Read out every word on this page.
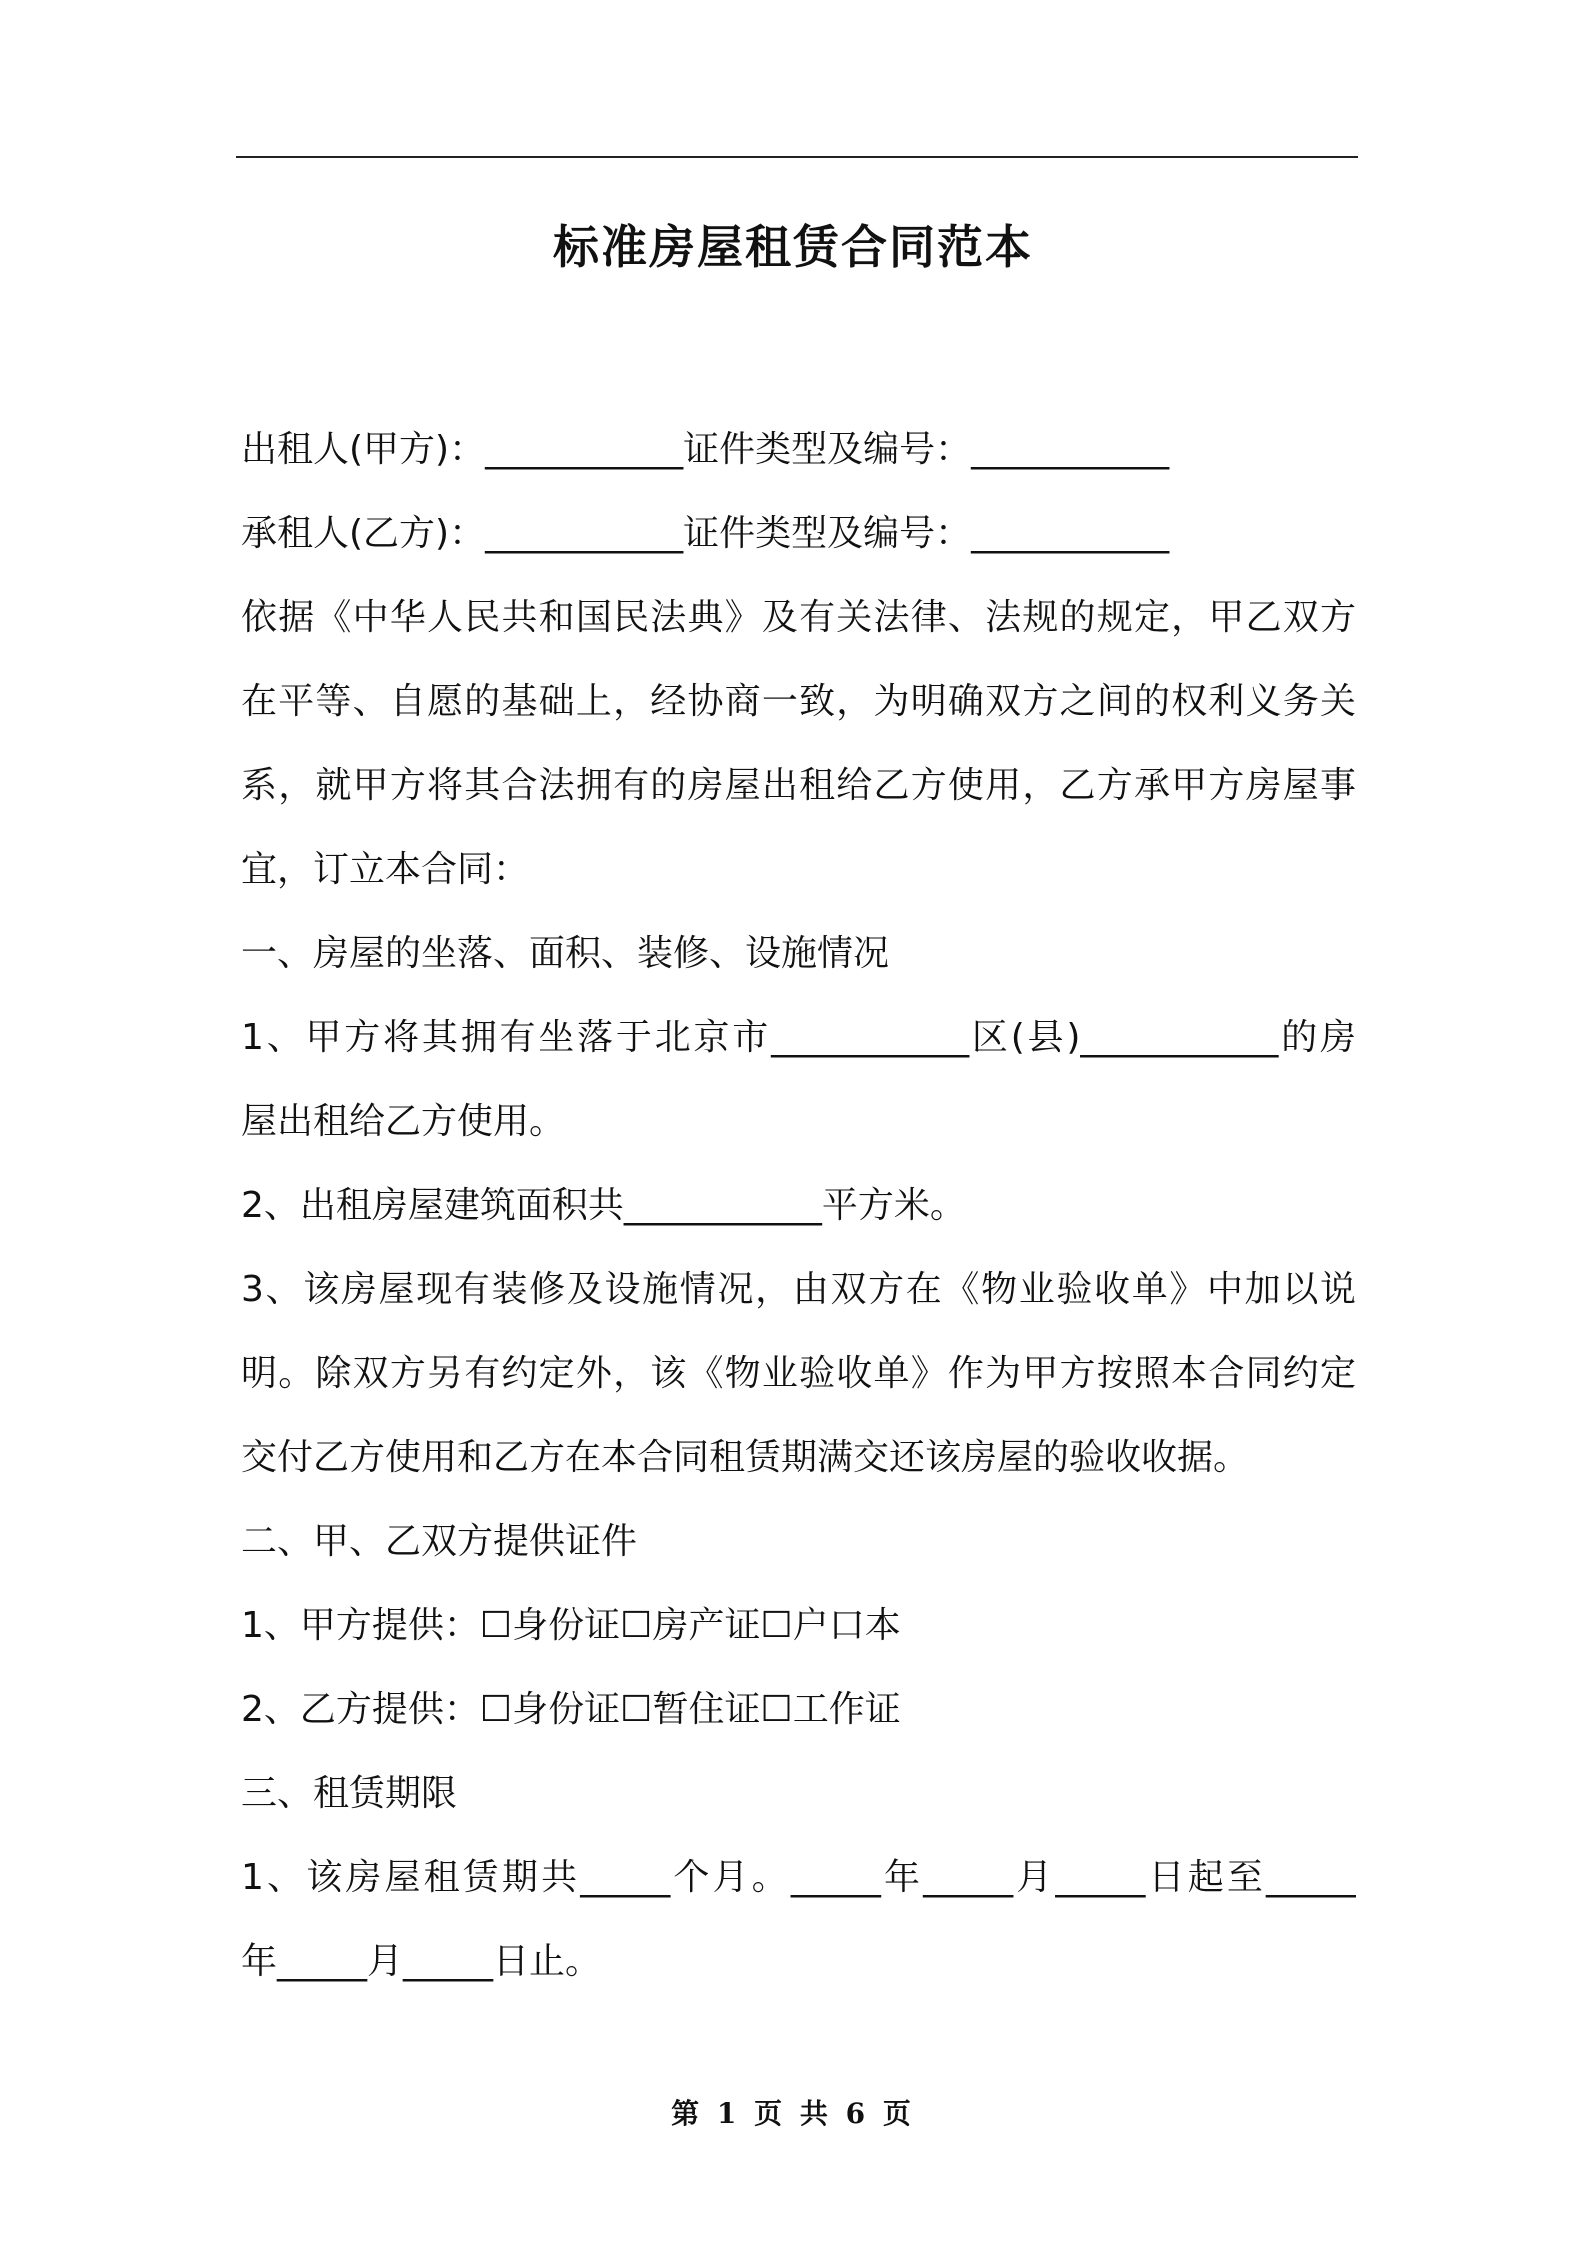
标准房屋租赁合同范本
出租人(甲方)：___________证件类型及编号：___________
承租人(乙方)：___________证件类型及编号：___________
依据《中华人民共和国民法典》及有关法律、法规的规定，甲乙双方
在平等、自愿的基础上，经协商一致，为明确双方之间的权利义务关
系，就甲方将其合法拥有的房屋出租给乙方使用，乙方承甲方房屋事
宜，订立本合同：
一、房屋的坐落、面积、装修、设施情况
1、甲方将其拥有坐落于北京市___________区(县)___________的房
屋出租给乙方使用。
2、出租房屋建筑面积共___________平方米。
3、该房屋现有装修及设施情况，由双方在《物业验收单》中加以说
明。除双方另有约定外，该《物业验收单》作为甲方按照本合同约定
交付乙方使用和乙方在本合同租赁期满交还该房屋的验收收据。
二、甲、乙双方提供证件
1、甲方提供：☐身份证☐房产证☐户口本
2、乙方提供：☐身份证☐暂住证☐工作证
三、租赁期限
1、该房屋租赁期共_____个月。_____年_____月_____日起至_____
年_____月_____日止。
第 1 页 共 6 页
